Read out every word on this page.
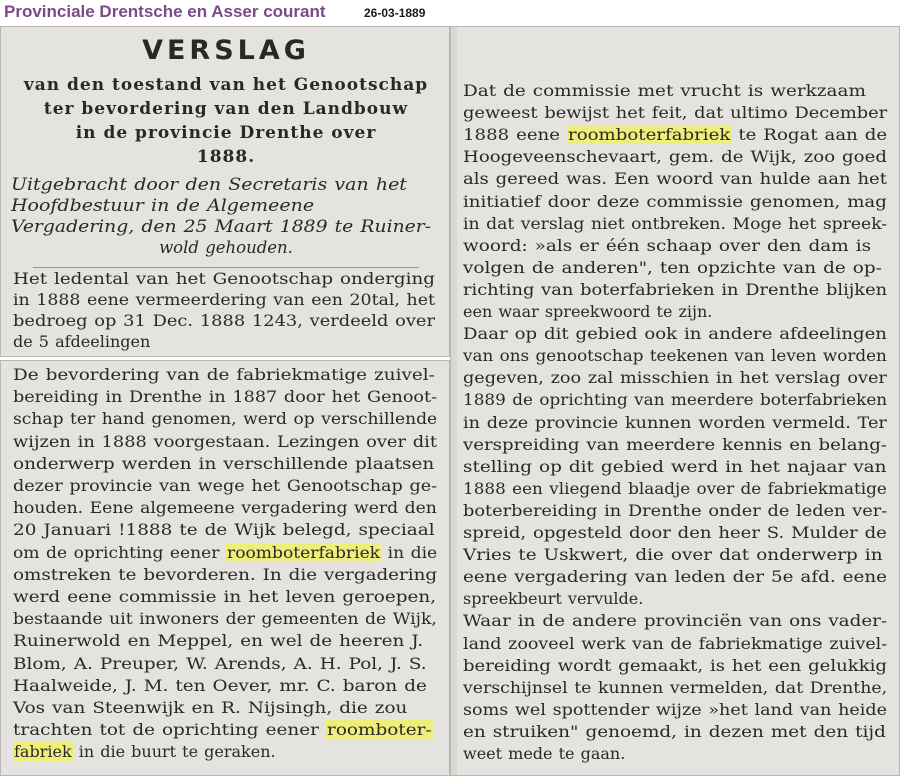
Provinciale Drentsche en Asser courant	26-03-1889
VERSLAG
van den toestand van het Genootschap
ter bevordering van den Landbouw
in de provincie Drenthe over
1888.
Uitgebracht door den Secretaris van het
Hoofdbestuur in de Algemeene
Vergadering, den 25 Maart 1889 te Ruiner-
wold gehouden.
Het ledental van het Genootschap onderging
in 1888 eene vermeerdering van een 20tal, het
bedroeg op 31 Dec. 1888 1243, verdeeld over
de 5 afdeelingen
De bevordering van de fabriekmatige zuivel-
bereiding in Drenthe in 1887 door het Genoot-
schap ter hand genomen, werd op verschillende
wijzen in 1888 voorgestaan. Lezingen over dit
onderwerp werden in verschillende plaatsen
dezer provincie van wege het Genootschap ge-
houden. Eene algemeene vergadering werd den
20 Januari !1888 te de Wijk belegd, speciaal
om de oprichting eener roomboterfabriek in die
omstreken te bevorderen. In die vergadering
werd eene commissie in het leven geroepen,
bestaande uit inwoners der gemeenten de Wijk,
Ruinerwold en Meppel, en wel de heeren J.
Blom, A. Preuper, W. Arends, A. H. Pol, J. S.
Haalweide, J. M. ten Oever, mr. C. baron de
Vos van Steenwijk en R. Nijsingh, die zou
trachten tot de oprichting eener roomboter-
fabriek in die buurt te geraken.
Dat de commissie met vrucht is werkzaam
geweest bewijst het feit, dat ultimo December
1888 eene roomboterfabriek te Rogat aan de
Hoogeveenschevaart, gem. de Wijk, zoo goed
als gereed was. Een woord van hulde aan het
initiatief door deze commissie genomen, mag
in dat verslag niet ontbreken. Moge het spreek-
woord: »als er één schaap over den dam is
volgen de anderen", ten opzichte van de op-
richting van boterfabrieken in Drenthe blijken
een waar spreekwoord te zijn.
Daar op dit gebied ook in andere afdeelingen
van ons genootschap teekenen van leven worden
gegeven, zoo zal misschien in het verslag over
1889 de oprichting van meerdere boterfabrieken
in deze provincie kunnen worden vermeld. Ter
verspreiding van meerdere kennis en belang-
stelling op dit gebied werd in het najaar van
1888 een vliegend blaadje over de fabriekmatige
boterbereiding in Drenthe onder de leden ver-
spreid, opgesteld door den heer S. Mulder de
Vries te Uskwert, die over dat onderwerp in
eene vergadering van leden der 5e afd. eene
spreekbeurt vervulde.
Waar in de andere provinciën van ons vader-
land zooveel werk van de fabriekmatige zuivel-
bereiding wordt gemaakt, is het een gelukkig
verschijnsel te kunnen vermelden, dat Drenthe,
soms wel spottender wijze »het land van heide
en struiken" genoemd, in dezen met den tijd
weet mede te gaan.
